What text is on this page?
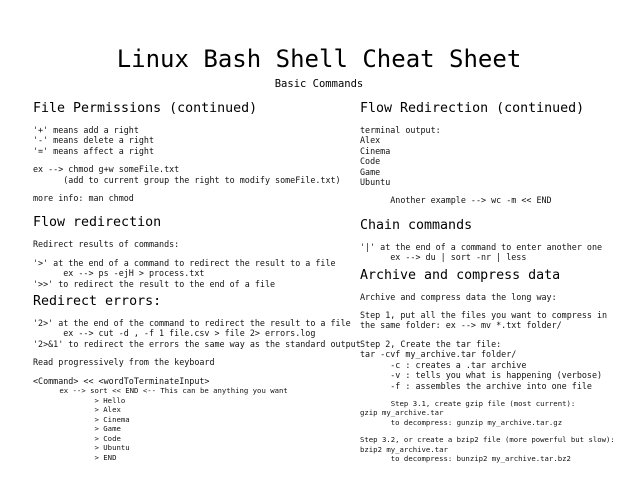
Linux Bash Shell Cheat Sheet
Basic Commands
File Permissions (continued)
'+' means add a right
'-' means delete a right
'=' means affect a right
ex --> chmod g+w someFile.txt
(add to current group the right to modify someFile.txt)
more info: man chmod
Flow redirection
Redirect results of commands:
'>' at the end of a command to redirect the result to a file
ex --> ps -ejH > process.txt
'>>' to redirect the result to the end of a file
Redirect errors:
'2>' at the end of the command to redirect the result to a file
ex --> cut -d , -f 1 file.csv > file 2> errors.log
'2>&1' to redirect the errors the same way as the standard output
Read progressively from the keyboard
<Command> << <wordToTerminateInput>
ex --> sort << END <-- This can be anything you want
> Hello
> Alex
> Cinema
> Game
> Code
> Ubuntu
> END
Flow Redirection (continued)
terminal output:
Alex
Cinema
Code
Game
Ubuntu
Another example --> wc -m << END
Chain commands
'|' at the end of a command to enter another one
ex --> du | sort -nr | less
Archive and compress data
Archive and compress data the long way:
Step 1, put all the files you want to compress in
the same folder: ex --> mv *.txt folder/
Step 2, Create the tar file:
tar -cvf my_archive.tar folder/
-c : creates a .tar archive
-v : tells you what is happening (verbose)
-f : assembles the archive into one file
Step 3.1, create gzip file (most current):
gzip my_archive.tar
to decompress: gunzip my_archive.tar.gz
Step 3.2, or create a bzip2 file (more powerful but slow):
bzip2 my_archive.tar
to decompress: bunzip2 my_archive.tar.bz2
